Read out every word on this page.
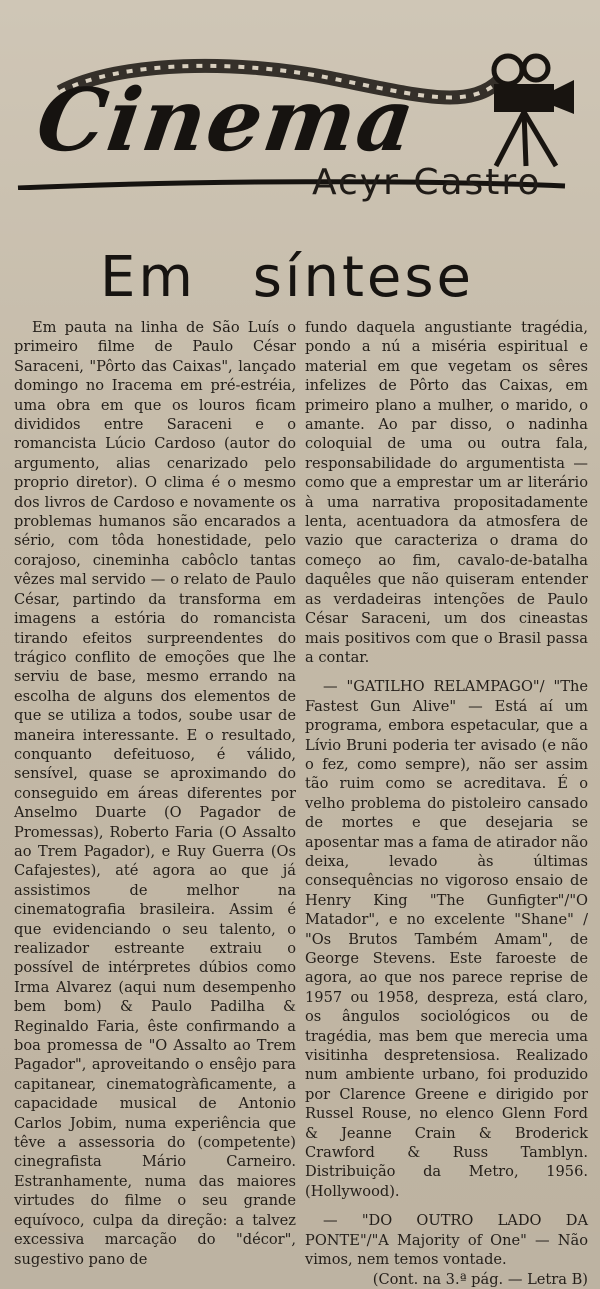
Cinema
Acyr Castro
Em síntese

Em pauta na linha de São Luís o primeiro filme de Paulo César Saraceni, "Pôrto das Caixas", lançado domingo no Iracema em pré-estréia, uma obra em que os louros ficam divididos entre Saraceni e o romancista Lúcio Cardoso (autor do argumento, alias cenarizado pelo proprio diretor). O clima é o mesmo dos livros de Cardoso e novamente os problemas humanos são encarados a sério, com tôda honestidade, pelo corajoso, cineminha cabôclo tantas vêzes mal servido — o relato de Paulo César, partindo da transforma em imagens a estória do romancista tirando efeitos surpreendentes do trágico conflito de emoções que lhe serviu de base, mesmo errando na escolha de alguns dos elementos de que se utiliza a todos, soube usar de maneira interessante. E o resultado, conquanto defeituoso, é válido, sensível, quase se aproximando do conseguido em áreas diferentes por Anselmo Duarte (O Pagador de Promessas), Roberto Faria (O Assalto ao Trem Pagador), e Ruy Guerra (Os Cafajestes), até agora ao que já assistimos de melhor na cinematografia brasileira. Assim é que evidenciando o seu talento, o realizador estreante extraiu o possível de intérpretes dúbios como Irma Alvarez (aqui num desempenho bem bom) & Paulo Padilha & Reginaldo Faria, êste confirmando a boa promessa de "O Assalto ao Trem Pagador", aproveitando o ensêjo para capitanear, cinematogràficamente, a capacidade musical de Antonio Carlos Jobim, numa experiência que têve a assessoria do (competente) cinegrafista Mário Carneiro. Estranhamente, numa das maiores virtudes do filme o seu grande equívoco, culpa da direção: a talvez excessiva marcação do "décor", sugestivo pano de

fundo daquela angustiante tragédia, pondo a nú a miséria espiritual e material em que vegetam os sêres infelizes de Pôrto das Caixas, em primeiro plano a mulher, o marido, o amante. Ao par disso, o nadinha coloquial de uma ou outra fala, responsabilidade do argumentista — como que a emprestar um ar literário à uma narrativa propositadamente lenta, acentuadora da atmosfera de vazio que caracteriza o drama do começo ao fim, cavalo-de-batalha daquêles que não quiseram entender as verdadeiras intenções de Paulo César Saraceni, um dos cineastas mais positivos com que o Brasil passa a contar.

— "GATILHO RELAMPAGO"/ "The Fastest Gun Alive" — Está aí um programa, embora espetacular, que a Lívio Bruni poderia ter avisado (e não o fez, como sempre), não ser assim tão ruim como se acreditava. É o velho problema do pistoleiro cansado de mortes e que desejaria se aposentar mas a fama de atirador não deixa, levado às últimas consequências no vigoroso ensaio de Henry King "The Gunfigter"/"O Matador", e no excelente "Shane" / "Os Brutos Também Amam", de George Stevens. Este faroeste de agora, ao que nos parece reprise de 1957 ou 1958, despreza, está claro, os ângulos sociológicos ou de tragédia, mas bem que merecia uma visitinha despretensiosa. Realizado num ambiente urbano, foi produzido por Clarence Greene e dirigido por Russel Rouse, no elenco Glenn Ford & Jeanne Crain & Broderick Crawford & Russ Tamblyn. Distribuição da Metro, 1956. (Hollywood).

— "DO OUTRO LADO DA PONTE"/"A Majority of One" — Não vimos, nem temos vontade.

(Cont. na 3.ª pág. — Letra B)
